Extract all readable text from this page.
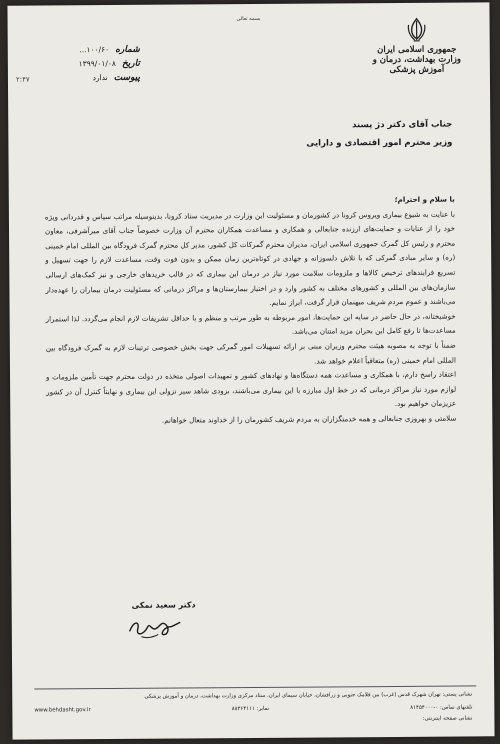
بسمه تعالی
جمهوری اسلامی ایران
وزارت بهداشت، درمان و آموزش پزشکی
شماره
۱۰۰/۶۰...
تاریخ
۱۳۹۹/۰۱/۰۸
پیوست
ندارد
۲:۴۷
جناب آقای دکتر دژ پسند
وزیر محترم امور اقتصادی و دارایی

با سلام و احترام؛

با عنایت به شیوع بیماری ویروس کرونا در کشورمان و مسئولیت این وزارت در مدیریت ستاد کرونا، بدینوسیله مراتب سپاس و قدردانی ویژه خود را از عنایات و حمایت‌های ارزنده جنابعالی و همکاری و مساعدت همکاران محترم آن وزارت خصوصاً جناب آقای میرآشرفی، معاون محترم و رئیس کل گمرک جمهوری اسلامی ایران، مدیران محترم گمرکات کل کشور، مدیر کل محترم گمرک فرودگاه بین المللی امام خمینی (ره) و سایر مبادی گمرکی که با تلاش دلسوزانه و جهادی در کوتاه‌ترین زمان ممکن و بدون فوت وقت، مساعدت لازم را جهت تسهیل و تسریع فرایندهای ترخیص کالاها و ملزومات سلامت مورد نیاز در درمان این بیماری که در قالب خریدهای خارجی و نیز کمک‌های ارسالی سازمان‌های بین المللی و کشورهای مختلف به کشور وارد و در اختیار بیمارستان‌ها و مراکز درمانی که مسئولیت درمان بیماران را عهده‌دار می‌باشند و عموم مردم شریف میهنمان قرار گرفت، ابراز نمایم.

خوشبختانه، در حال حاضر در سایه این حمایت‌ها، امور مربوطه به طور مرتب و منظم و با حداقل تشریفات لازم انجام می‌گردد. لذا استمرار مساعدت‌ها تا رفع کامل این بحران مزید امتنان می‌باشد.

ضمناً با توجه به مصوبه هیئت محترم وزیران مبنی بر ارائه تسهیلات امور گمرکی جهت بخش خصوصی ترتیبات لازم به گمرک فرودگاه بین المللی امام خمینی (ره) متعاقباً اعلام خواهد شد.

اعتقاد راسخ دارم، با همکاری و مساعدت همه دستگاه‌ها و نهادهای کشور و تمهیدات اصولی متخذه در دولت محترم جهت تأمین ملزومات و لوازم مورد نیاز مراکز درمانی که در خط اول مبارزه با این بیماری می‌باشند، بزودی شاهد سیر نزولی این بیماری و نهایتاً کنترل آن در کشور عزیزمان خواهیم بود.

سلامتی و بهروزی جنابعالی و همه خدمتگزاران به مردم شریف کشورمان را از خداوند متعال خواهانم.

دکتر سعید نمکی
نشانی پستی: تهران شهرک قدس (غرب) بین فلامک جنوبی و زرافشان، خیابان سیمای ایران، ستاد مرکزی وزارت بهداشت، درمان و آموزش پزشکی
تلفنهای تماس: ۰-۸۱۴۵۴۰۰۰
نمابر: ۸۸۳۶۴۱۱۱
www.behdasht.gov.ir
نشانی صفحه اینترنتی:
